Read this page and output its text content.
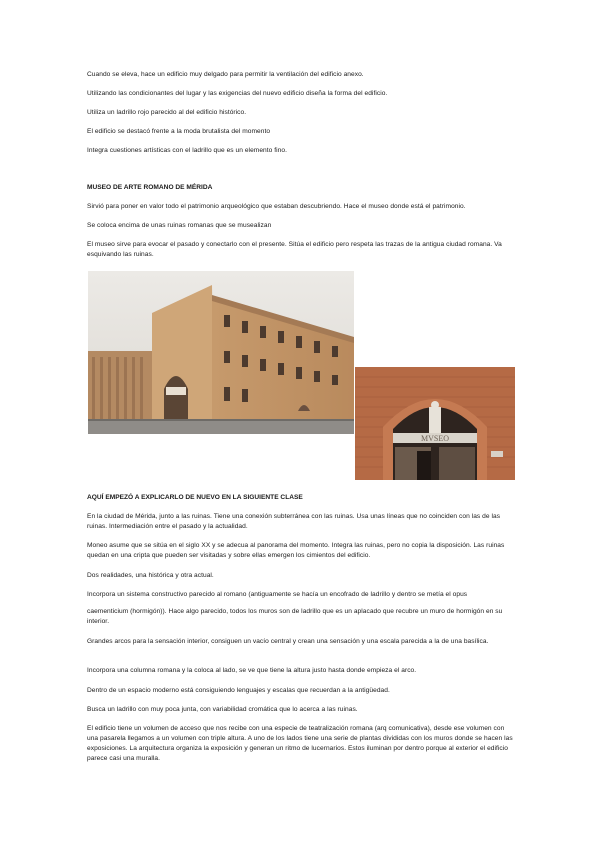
Cuando se eleva, hace un edificio muy delgado para permitir la ventilación del edificio anexo.

Utilizando las condicionantes del lugar y las exigencias del nuevo edificio diseña la forma del edificio.

Utiliza un ladrillo rojo parecido al del edificio histórico.

El edificio se destacó frente a la moda brutalista del momento

Integra cuestiones artísticas con el ladrillo que es un elemento fino.

MUSEO DE ARTE ROMANO DE MÉRIDA

Sirvió para poner en valor todo el patrimonio arqueológico que estaban descubriendo. Hace el museo donde está el patrimonio.

Se coloca encima de unas ruinas romanas que se musealizan

El museo sirve para evocar el pasado y conectarlo con el presente. Sitúa el edificio pero respeta las trazas de la antigua ciudad romana. Va esquivando las ruinas.

MVSEO

AQUÍ EMPEZÓ A EXPLICARLO DE NUEVO EN LA SIGUIENTE CLASE

En la ciudad de Mérida, junto a las ruinas. Tiene una conexión subterránea con las ruinas. Usa unas líneas que no coinciden con las de las ruinas. Intermediación entre el pasado y la actualidad.

Moneo asume que se sitúa en el siglo XX y se adecua al panorama del momento. Integra las ruinas, pero no copia la disposición. Las ruinas quedan en una cripta que pueden ser visitadas y sobre ellas emergen los cimientos del edificio.

Dos realidades, una histórica y otra actual.

Incorpora un sistema constructivo parecido al romano (antiguamente se hacía un encofrado de ladrillo y dentro se metía el opus

caementicium (hormigón)). Hace algo parecido, todos los muros son de ladrillo que es un aplacado que recubre un muro de hormigón en su interior.

Grandes arcos para la sensación interior, consiguen un vacío central y crean una sensación y una escala parecida a la de una basílica.

Incorpora una columna romana y la coloca al lado, se ve que tiene la altura justo hasta donde empieza el arco.

Dentro de un espacio moderno está consiguiendo lenguajes y escalas que recuerdan a la antigüedad.

Busca un ladrillo con muy poca junta, con variabilidad cromática que lo acerca a las ruinas.

El edificio tiene un volumen de acceso que nos recibe con una especie de teatralización romana (arq comunicativa), desde ese volumen con una pasarela llegamos a un volumen con triple altura. A uno de los lados tiene una serie de plantas divididas con los muros donde se hacen las exposiciones. La arquitectura organiza la exposición y generan un ritmo de lucernarios. Estos iluminan por dentro porque al exterior el edificio parece casi una muralla.
